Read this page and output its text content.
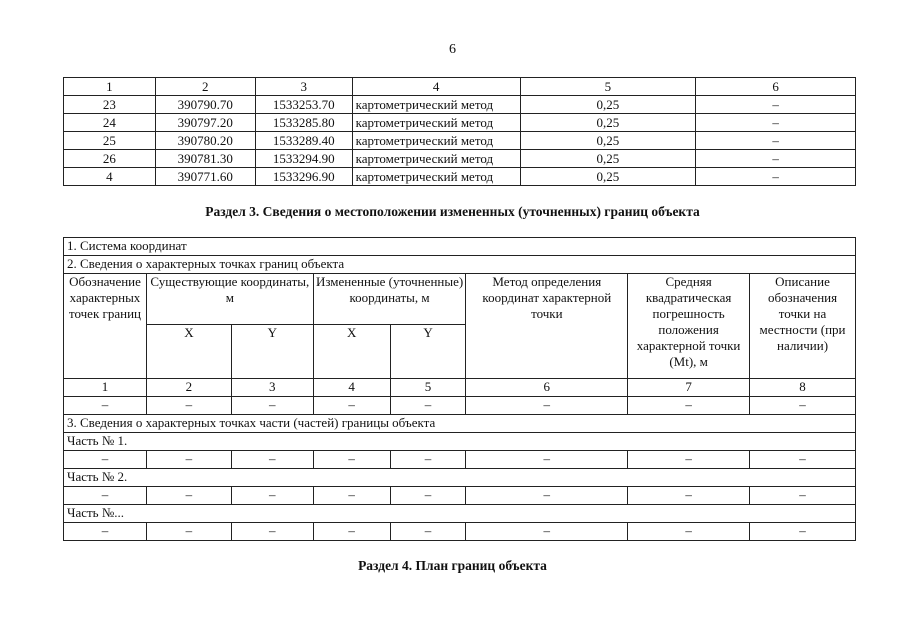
6
1	2	3	4	5	6
23	390790.70	1533253.70	картометрический метод	0,25	–
24	390797.20	1533285.80	картометрический метод	0,25	–
25	390780.20	1533289.40	картометрический метод	0,25	–
26	390781.30	1533294.90	картометрический метод	0,25	–
4	390771.60	1533296.90	картометрический метод	0,25	–
Раздел 3. Сведения о местоположении измененных (уточненных) границ объекта
1. Система координат							
2. Сведения о характерных точках границ объекта							
Обозначение характерных точек границ	Существующие координаты, м		Измененные (уточненные) координаты, м		Метод определения координат характерной точки	Средняя квадратическая погрешность положения характерной точки (Mt), м	Описание обозначения точки на местности (при наличии)
	X	Y	X	Y			
1	2	3	4	5	6	7	8
–	–	–	–	–	–	–	–
3. Сведения о характерных точках части (частей) границы объекта							
Часть № 1.							
–	–	–	–	–	–	–	–
Часть № 2.							
–	–	–	–	–	–	–	–
Часть №...							
–	–	–	–	–	–	–	–
Раздел 4. План границ объекта
